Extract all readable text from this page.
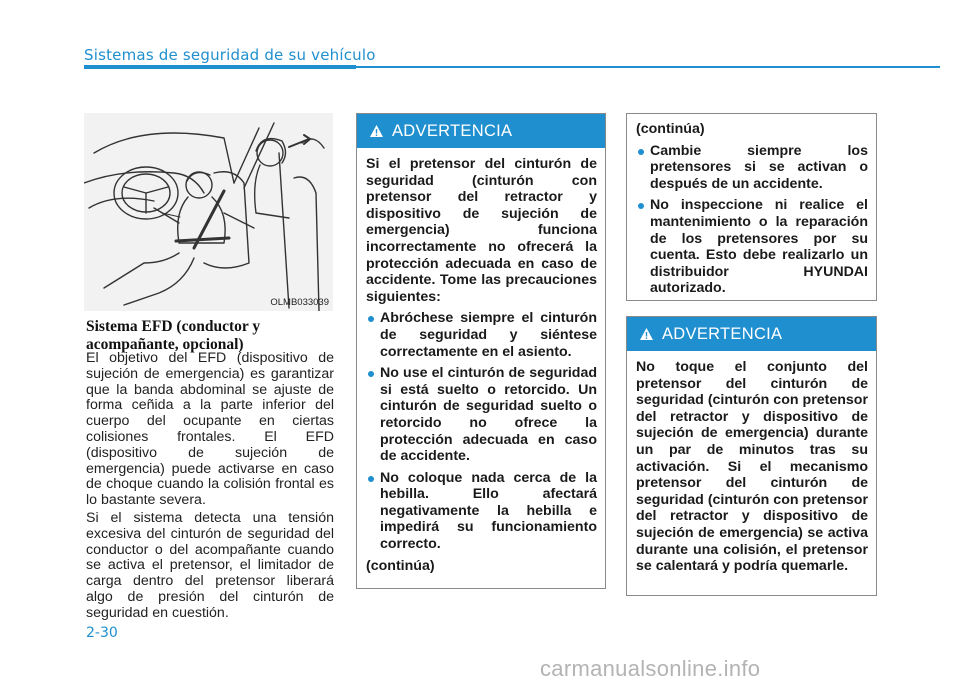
Sistemas de seguridad de su vehículo
OLMB033039
Sistema EFD (conductor y acompañante, opcional)
El objetivo del EFD (dispositivo de sujeción de emergencia) es garantizar que la banda abdominal se ajuste de forma ceñida a la parte inferior del cuerpo del ocupante en ciertas colisiones frontales. El EFD (dispositivo de sujeción de emergencia) puede activarse en caso de choque cuando la colisión frontal es lo bastante severa.
Si el sistema detecta una tensión excesiva del cinturón de seguridad del conductor o del acompañante cuando se activa el pretensor, el limitador de carga dentro del pretensor liberará algo de presión del cinturón de seguridad en cuestión.
ADVERTENCIA

Si el pretensor del cinturón de seguridad (cinturón con pretensor del retractor y dispositivo de sujeción de emergencia) funciona incorrectamente no ofrecerá la protección adecuada en caso de accidente. Tome las precauciones siguientes:

Abróchese siempre el cinturón de seguridad y siéntese correctamente en el asiento.
No use el cinturón de seguridad si está suelto o retorcido. Un cinturón de seguridad suelto o retorcido no ofrece la protección adecuada en caso de accidente.
No coloque nada cerca de la hebilla. Ello afectará negativamente la hebilla e impedirá su funcionamiento correcto.

(continúa)

(continúa)

Cambie siempre los pretensores si se activan o después de un accidente.
No inspeccione ni realice el mantenimiento o la reparación de los pretensores por su cuenta. Esto debe realizarlo un distribuidor HYUNDAI autorizado.
ADVERTENCIA

No toque el conjunto del pretensor del cinturón de seguridad (cinturón con pretensor del retractor y dispositivo de sujeción de emergencia) durante un par de minutos tras su activación. Si el mecanismo pretensor del cinturón de seguridad (cinturón con pretensor del retractor y dispositivo de sujeción de emergencia) se activa durante una colisión, el pretensor se calentará y podría quemarle.

2-30
carmanualsonline.info
